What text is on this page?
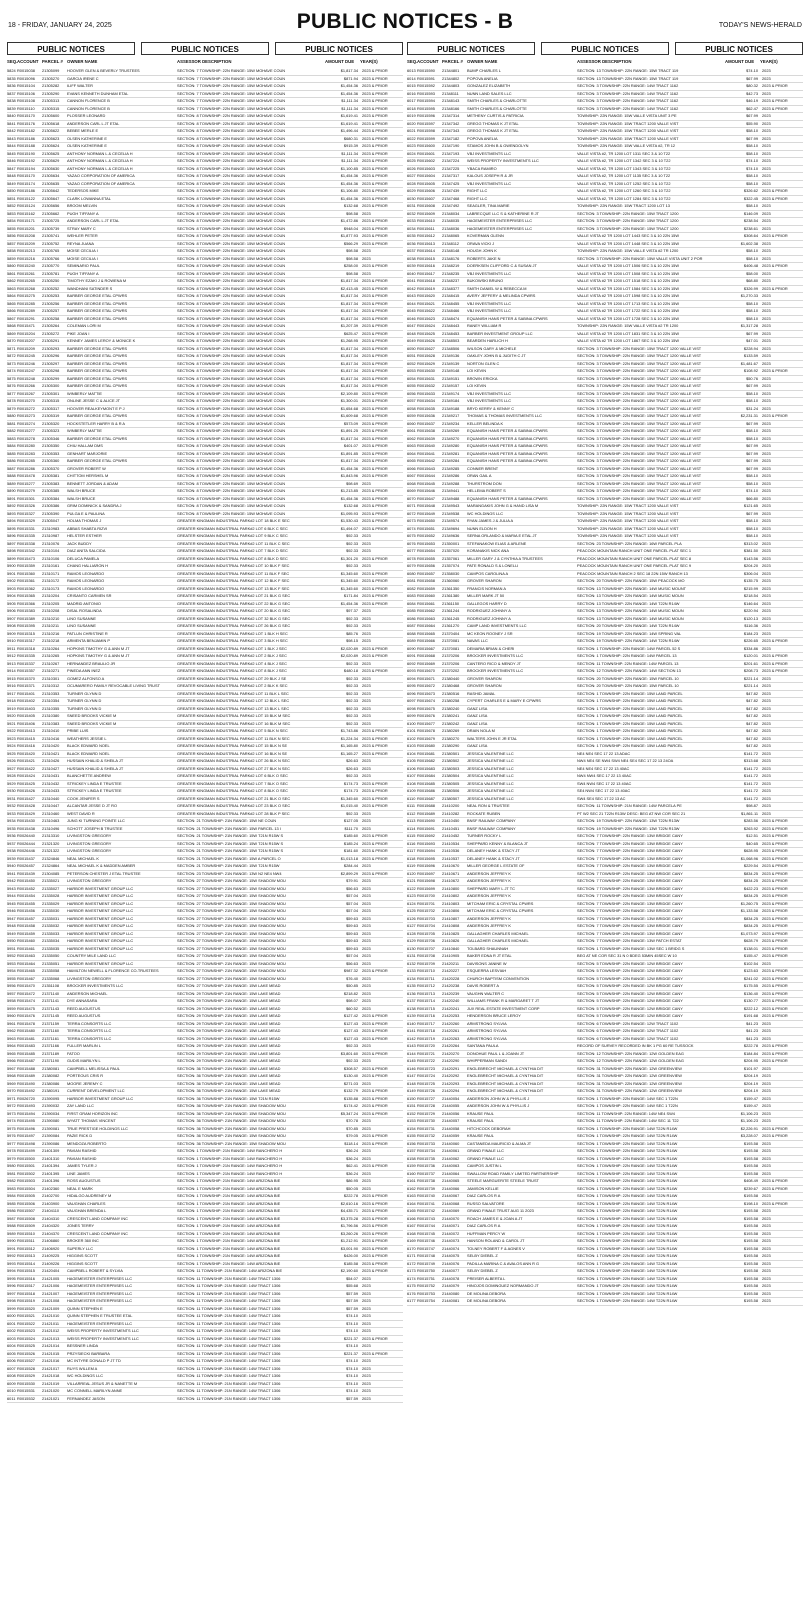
18 - FRIDAY, JANUARY 24, 2025	PUBLIC NOTICES - B	TODAY'S NEWS-HERALD
PUBLIC NOTICES	PUBLIC NOTICES	PUBLIC NOTICES
SEQ. ACCOUNT PARCEL # OWNER NAME	ASSESSOR DESCRIPTION	AMOUNT DUE YEAR(S)
5824 R0015038	21305099	HOOVER GLEN & BEVERLY TRUSTEES	SECTION: 7 TOWNSHIP: 22N RANGE: 15W MOHAVE COUN	$1,817.34 2023 & PRIOR
5835 R0015096	21305270	GARCIA IRENE C	SECTION: 7 TOWNSHIP: 22N RANGE: 15W MOHAVE COUN	$871.94 2023 & PRIOR
5836 R0015104	21305282	ILIFF WALTER	SECTION: 7 TOWNSHIP: 22N RANGE: 15W MOHAVE COUN	$1,454.36 2023 & PRIOR
5837 R0015106	21305290	EVANS KENNETH DUNHAM ETAL	SECTION: 7 TOWNSHIP: 22N RANGE: 15W MOHAVE COUN	$1,454.36 2023 & PRIOR
5838 R0015108	21305313	CANNON FLORENCE B	SECTION: 7 TOWNSHIP: 22N RANGE: 15W MOHAVE COUN	$1,111.34 2023 & PRIOR
5839 R0015110	21305315	CANNON FLORENCE B	SECTION: 7 TOWNSHIP: 22N RANGE: 15W MOHAVE COUN	$1,111.34 2023 & PRIOR
5840 R0015170	21305600	PLOSSER LEONARD	SECTION: 8 TOWNSHIP: 22N RANGE: 15W MOHAVE COUN	$1,619.41 2023 & PRIOR
5841 R0015176	21305618	ANDERSON CARL L JT ETAL	SECTION: 8 TOWNSHIP: 22N RANGE: 15W MOHAVE COUN	$1,619.41 2023 & PRIOR
5842 R0015182	21305622	BEBEE MERLE E	SECTION: 8 TOWNSHIP: 22N RANGE: 15W MOHAVE COUN	$1,496.44 2023 & PRIOR
5843 R0015186	21305623	OLSEN KATHERINE E	SECTION: 8 TOWNSHIP: 22N RANGE: 15W MOHAVE COUN	$680.31 2023 & PRIOR
5844 R0015188	21305624	OLSEN KATHERINE E	SECTION: 8 TOWNSHIP: 22N RANGE: 15W MOHAVE COUN	$915.39 2023 & PRIOR
5845 R0015190	21305625	ANTHONY NORMAN L & CECELIA H	SECTION: 8 TOWNSHIP: 22N RANGE: 15W MOHAVE COUN	$1,111.34 2023 & PRIOR
5846 R0015192	21305629	ANTHONY NORMAN L & CECELIA H	SECTION: 8 TOWNSHIP: 22N RANGE: 15W MOHAVE COUN	$1,111.34 2023 & PRIOR
5847 R0015194	21305630	ANTHONY NORMAN L & CECELIA H	SECTION: 8 TOWNSHIP: 22N RANGE: 15W MOHAVE COUN	$1,100.85 2023 & PRIOR
5848 R0015170	21305634	YAZAO CORPORATION OF AMERICA	SECTION: 8 TOWNSHIP: 22N RANGE: 15W MOHAVE COUN	$1,454.36 2023 & PRIOR
5849 R0015174	21305635	YAZAO CORPORATION OF AMERICA	SECTION: 8 TOWNSHIP: 22N RANGE: 15W MOHAVE COUN	$1,454.36 2023 & PRIOR
5850 R0015186	21305642	TEDERSOS MIKE	SECTION: 8 TOWNSHIP: 22N RANGE: 15W MOHAVE COUN	$1,106.80 2023 & PRIOR
5851 R0015122	21305647	CLARK LOWANNA ETAL	SECTION: 8 TOWNSHIP: 22N RANGE: 15W MOHAVE COUN	$1,454.36 2023 & PRIOR
5852 R0015124	21305656	BROOM MELVIN	SECTION: 8 TOWNSHIP: 22N RANGE: 15W MOHAVE COUN	$132.68 2023 & PRIOR
5853 R0015162	21305662	PUGH TIFFANY A	SECTION: 8 TOWNSHIP: 22N RANGE: 15W MOHAVE COUN	$98.58 2023
5854 R0015171	21305725	ANDERSON CARL L JT ETAL	SECTION: 8 TOWNSHIP: 22N RANGE: 15W MOHAVE COUN	$1,472.86 2023 & PRIOR
5855 R0015201	21305739	STRAY MARY C	SECTION: 8 TOWNSHIP: 22N RANGE: 15W MOHAVE COUN	$948.04 2023 & PRIOR
5856 R0015208	21305741	WEHLER PETER	SECTION: 8 TOWNSHIP: 22N RANGE: 15W MOHAVE COUN	$1,877.93 2023 & PRIOR
5857 R0015209	21305752	REYNA JUANA	SECTION: 8 TOWNSHIP: 22N RANGE: 15W MOHAVE COUN	$566.29 2023 & PRIOR
5858 R0015213	21305765	MOISE CECILIA I	SECTION: 8 TOWNSHIP: 22N RANGE: 15W MOHAVE COUN	$98.58 2023
5859 R0015216	21305766	MOISE CECILIA I	SECTION: 8 TOWNSHIP: 22N RANGE: 15W MOHAVE COUN	$98.58 2023
5860 R0015240	21305770	SEMINARIO PAUL	SECTION: 8 TOWNSHIP: 22N RANGE: 15W MOHAVE COUN	$258.00 2023 & PRIOR
5861 R0015261	21305781	PUGH TIFFANY A	SECTION: 8 TOWNSHIP: 22N RANGE: 15W MOHAVE COUN	$98.58 2023
5862 R0015265	21305250	TIMOTHY EZAKI J & ROWENA M	SECTION: 8 TOWNSHIP: 22N RANGE: 15W MOHAVE COUN	$1,817.34 2023 & PRIOR
5863 R0015268	21305252	WANDHANI SATINDER S	SECTION: 8 TOWNSHIP: 22N RANGE: 15W MOHAVE COUN	$2,413.45 2023 & PRIOR
5864 R0015275	21305253	BARBER GEORGE ETAL CPWRS	SECTION: 8 TOWNSHIP: 22N RANGE: 15W MOHAVE COUN	$1,817.34 2023 & PRIOR
5865 R0015285	21305256	BARBER GEORGE ETAL CPWRS	SECTION: 8 TOWNSHIP: 22N RANGE: 15W MOHAVE COUN	$1,817.34 2023 & PRIOR
5866 R0015289	21305257	BARBER GEORGE ETAL CPWRS	SECTION: 8 TOWNSHIP: 22N RANGE: 15W MOHAVE COUN	$1,817.34 2023 & PRIOR
5867 R0015291	21305258	BARBER GEORGE ETAL CPWRS	SECTION: 8 TOWNSHIP: 22N RANGE: 15W MOHAVE COUN	$1,817.34 2023 & PRIOR
5868 R0015471	21305264	COLEMAN LORI M	SECTION: 8 TOWNSHIP: 22N RANGE: 15W MOHAVE COUN	$1,207.39 2023 & PRIOR
5869 R0015204	21305272	PIKE JOAN I	SECTION: 8 TOWNSHIP: 22N RANGE: 15W MOHAVE COUN	$625.47 2023 & PRIOR
5870 R0015207	21305291	KENNEY JAMES LEROY & MONICE K	SECTION: 8 TOWNSHIP: 22N RANGE: 15W MOHAVE COUN	$1,268.95 2023 & PRIOR
5871 R0015209	21305293	BARBER GEORGE ETAL CPWRS	SECTION: 8 TOWNSHIP: 22N RANGE: 15W MOHAVE COUN	$1,817.34 2023 & PRIOR
5872 R0015245	21305296	BARBER GEORGE ETAL CPWRS	SECTION: 8 TOWNSHIP: 22N RANGE: 15W MOHAVE COUN	$1,817.34 2023 & PRIOR
5873 R0015246	21305297	BARBER GEORGE ETAL CPWRS	SECTION: 8 TOWNSHIP: 22N RANGE: 15W MOHAVE COUN	$1,817.34 2023 & PRIOR
5874 R0015247	21305298	BARBER GEORGE ETAL CPWRS	SECTION: 8 TOWNSHIP: 22N RANGE: 15W MOHAVE COUN	$1,817.34 2023 & PRIOR
5875 R0015248	21305299	BARBER GEORGE ETAL CPWRS	SECTION: 8 TOWNSHIP: 22N RANGE: 15W MOHAVE COUN	$1,817.34 2023 & PRIOR
5876 R0015266	21305300	BARBER GEORGE ETAL CPWRS	SECTION: 8 TOWNSHIP: 22N RANGE: 15W MOHAVE COUN	$1,817.34 2023 & PRIOR
5877 R0015267	21305301	WINBERLY MATTIE	SECTION: 8 TOWNSHIP: 22N RANGE: 15W MOHAVE COUN	$2,109.80 2023 & PRIOR
5878 R0015270	21305315	ONLINE JESSE C & ALICE JT	SECTION: 8 TOWNSHIP: 22N RANGE: 15W MOHAVE COUN	$1,300.01 2023 & PRIOR
5879 R0015272	21305317	HOOVER REALKEYMONT E P J	SECTION: 8 TOWNSHIP: 22N RANGE: 15W MOHAVE COUN	$1,654.68 2023 & PRIOR
5880 R0015273	21305319	BARBER GEORGE ETAL CPWRS	SECTION: 8 TOWNSHIP: 22N RANGE: 15W MOHAVE COUN	$1,609.68 2023 & PRIOR
5881 R0015274	21305320	HOCKSTETLER HARRY B & R A	SECTION: 8 TOWNSHIP: 22N RANGE: 15W MOHAVE COUN	$573.09 2023 & PRIOR
5882 R0015277	21305323	WINBERLY MATTIE	SECTION: 8 TOWNSHIP: 22N RANGE: 15W MOHAVE COUN	$1,891.25 2023 & PRIOR
5883 R0015278	21305346	BARBER GEORGE ETAL CPWRS	SECTION: 8 TOWNSHIP: 22N RANGE: 15W MOHAVE COUN	$1,817.34 2023 & PRIOR
5884 R0015280	21305350	CHIU HALLAM DMS	SECTION: 8 TOWNSHIP: 22N RANGE: 15W MOHAVE COUN	$401.07 2023 & PRIOR
5885 R0015283	21305353	GENHART MARJORIE	SECTION: 8 TOWNSHIP: 22N RANGE: 15W MOHAVE COUN	$1,891.85 2023 & PRIOR
5886 R0015285	21305360	BARBER GEORGE ETAL CPWRS	SECTION: 8 TOWNSHIP: 22N RANGE: 15W MOHAVE COUN	$1,817.34 2023 & PRIOR
5887 R0015286	21305370	GROVER ROBERT W	SECTION: 8 TOWNSHIP: 22N RANGE: 15W MOHAVE COUN	$1,454.36 2023 & PRIOR
5888 R0015478	21305381	CHITTOM HERSHEL M	SECTION: 8 TOWNSHIP: 22N RANGE: 15W MOHAVE COUN	$1,843.96 2023 & PRIOR
5889 R0015277	21305383	BENNETT JORDAN & ADAM	SECTION: 8 TOWNSHIP: 22N RANGE: 15W MOHAVE COUN	$98.69 2023
5890 R0015279	21305385	WALSH BRUCE	SECTION: 8 TOWNSHIP: 22N RANGE: 15W MOHAVE COUN	$1,213.85 2023 & PRIOR
5891 R0015301	21305384	WALSH BRUCE	SECTION: 8 TOWNSHIP: 22N RANGE: 15W MOHAVE COUN	$1,454.36 2023 & PRIOR
5892 R0015326	21305386	GRIM DOMINICK & SANDRA J	SECTION: 8 TOWNSHIP: 22N RANGE: 15W MOHAVE COUN	$132.68 2023 & PRIOR
5893 R0015327	21305390	PULGA E & PAULINA	SECTION: 8 TOWNSHIP: 22N RANGE: 15W MOHAVE COUN	$1,095.93 2023 & PRIOR
5894 R0015329	21305047	HOLMA THOMAS J	GREATER KINGMAN INDUSTRIAL PARK#2 LOT 18 BLK E SEC	$1,530.43 2023 & PRIOR
5895 R0015331	21310983	ABBAS SHABTA RIZVI	GREATER KINGMAN INDUSTRIAL PARK#2 LOT 6 BLK C SEC	$1,494.07 2023 & PRIOR
5896 R0015335	21310987	HELSTER ESTHER	GREATER KINGMAN INDUSTRIAL PARK#2 LOT 9 BLK C SEC	$92.33 2023
5897 R0015338	21310076	JACK BUDDY	GREATER KINGMAN INDUSTRIAL PARK#2 LOT 11 BLK C SEC	$92.33 2023
5898 R0015342	21310104	DIAZ ANITA SALCIDA	GREATER KINGMAN INDUSTRIAL PARK#2 LOT 7 BLK D SEC	$92.33 2023
5899 R0015473	21310106	DELUCA PAMELA	GREATER KINGMAN INDUSTRIAL PARK#2 LOT 8 BLK D SEC	$1,301.20 2023 & PRIOR
5900 R0015359	21310161	CHANG HALLIARON H	GREATER KINGMAN INDUSTRIAL PARK#2 LOT 10 BLK F SEC	$92.33 2023
5901 R0015360	21310171	RAMOS LEONARDO	GREATER KINGMAN INDUSTRIAL PARK#2 LOT 11 BLK F SEC	$1,345.60 2023 & PRIOR
5902 R0015361	21310172	RAMOS LEONARDO	GREATER KINGMAN INDUSTRIAL PARK#2 LOT 12 BLK F SEC	$1,345.60 2023 & PRIOR
5903 R0015362	21310173	RAMOS LEONARDO	GREATER KINGMAN INDUSTRIAL PARK#2 LOT 13 BLK F SEC	$1,345.60 2023 & PRIOR
5904 R0015365	21310204	CRISANTO CARMEN SR	GREATER KINGMAN INDUSTRIAL PARK#2 LOT 21 BLK G SEC	$171.84 2023 & PRIOR
5905 R0015366	21310205	MADRID ANTONIO	GREATER KINGMAN INDUSTRIAL PARK#2 LOT 22 BLK G SEC	$1,454.36 2023 & PRIOR
5906 R0015383	21310208	DISAL ROSALINDA	GREATER KINGMAN INDUSTRIAL PARK#2 LOT 20 BLK G SEC	$97.37 2023
5907 R0015389	21310210	LINO SUSANNE	GREATER KINGMAN INDUSTRIAL PARK#2 LOT 32 BLK G SEC	$92.33 2023
5908 R0015395	21310211	LINO SUSANNE	GREATER KINGMAN INDUSTRIAL PARK#2 LOT 26 BLK G SEC	$92.33 2023
5909 R0015315	21310216	PATLUN CHRISTINE R	GREATER KINGMAN INDUSTRIAL PARK#2 LOT 1 BLK H SEC	$85.76 2023
5910 R0015317	21310218	ARMENTA BENJAMIN P	GREATER KINGMAN INDUSTRIAL PARK#2 LOT 3 BLK H SEC	$98.15 2023
5911 R0015318	21310264	HOPKINS TIMOTHY G & ANN M JT	GREATER KINGMAN INDUSTRIAL PARK#2 LOT 1 BLK J SEC	$2,020.89 2023 & PRIOR
5912 R0015335	21310265	HOPKINS TIMOTHY G & ANN M JT	GREATER KINGMAN INDUSTRIAL PARK#2 LOT 2 BLK J SEC	$2,020.89 2023 & PRIOR
5913 R0015337	21310267	HERNANDEZ BRAULIO JR	GREATER KINGMAN INDUSTRIAL PARK#2 LOT 4 BLK J SEC	$92.33 2023
5914 R0015357	21310271	PINEDA ANN INEZ	GREATER KINGMAN INDUSTRIAL PARK#2 LOT 8 BLK J SEC	$480.18 2023 & PRIOR
5915 R0015370	21310301	GOMEZ ALFONSO A	GREATER KINGMAN INDUSTRIAL PARK#2 LOT 29 BLK J SE	$92.33 2023
5916 R0015371	21310312	OCUMARERO FAMILY REVOCABLE LIVING TRUST	GREATER KINGMAN INDUSTRIAL PARK#2 LOT 2 BLK K SEC	$92.33 2023
5917 R0015401	21310353	TURNER GLYNN D	GREATER KINGMAN INDUSTRIAL PARK#2 LOT 11 BLK L SEC	$92.33 2023
5918 R0015402	21310354	TURNER GLYNN D	GREATER KINGMAN INDUSTRIAL PARK#2 LOT 12 BLK L SEC	$92.33 2023
5919 R0015403	21310355	TURNER GLYNN D	GREATER KINGMAN INDUSTRIAL PARK#2 LOT 13 BLK L SEC	$92.33 2023
5920 R0015405	21310380	SNEED BROOKS VICKIE M	GREATER KINGMAN INDUSTRIAL PARK#2 LOT 15 BLK M SEC	$92.33 2023
5921 R0015406	21310383	SNEED BROOKS VICKIE M	GREATER KINGMAN INDUSTRIAL PARK#2 LOT 16 BLK M SEC	$92.33 2023
5922 R0015413	21310410	PRIBE LUIS	GREATER KINGMAN INDUSTRIAL PARK#2 LOT 5 BLK N SEC	$1,743.86 2023 & PRIOR
5923 R0015415	21310416	WEATHERS JESSIE L	GREATER KINGMAN INDUSTRIAL PARK#2 LOT 11 BLK N SEC	$1,224.34 2023 & PRIOR
5924 R0015416	21310420	BLACK EDWARD NOEL	GREATER KINGMAN INDUSTRIAL PARK#2 LOT 15 BLK N SE	$1,165.80 2023 & PRIOR
5925 R0015420	21310421	BLACK EDWARD NOEL	GREATER KINGMAN INDUSTRIAL PARK#2 LOT 16 BLK N SE	$1,165.27 2023 & PRIOR
5926 R0015421	21310426	HUSSAIN KHALID & SHEILA JT	GREATER KINGMAN INDUSTRIAL PARK#2 LOT 26 BLK N SEC	$26.63 2023
5927 R0015422	21310427	HUSSAIN KHALID & SHEILA JT	GREATER KINGMAN INDUSTRIAL PARK#2 LOT 27 BLK N SEC	$26.63 2023
5928 R0015424	21310431	BLANCHETTE ANDREW	GREATER KINGMAN INDUSTRIAL PARK#2 LOT 6 BLK O SEC	$92.33 2023
5929 R0015425	21310432	STRICKEY LINDA E TRUSTEE	GREATER KINGMAN INDUSTRIAL PARK#2 LOT 7 BLK O SEC	$174.73 2023 & PRIOR
5930 R0015426	21310433	STRICKEY LINDA E TRUSTEE	GREATER KINGMAN INDUSTRIAL PARK#2 LOT 8 BLK O SEC	$174.73 2023 & PRIOR
5931 R0015427	21310440	COOK JENIFER S	GREATER KINGMAN INDUSTRIAL PARK#2 LOT 21 BLK O SEC	$1,345.60 2023 & PRIOR
5932 R0015428	21310447	ALCANTAR JESSE D JT RO	GREATER KINGMAN INDUSTRIAL PARK#2 LOT 23 BLK O SEC	$1,015.40 2023 & PRIOR
5933 R0015429	21310460	WEST DAVID R	GREATER KINGMAN INDUSTRIAL PARK#2 LOT 28 BLK P SEC	$92.33 2023
5934 R0015430	21310463	JUNG KI TURNING POINTE LLC	SECTION: 21 TOWNSHIP: 21N RANGE: 15W NE COUN	$127.05 2023
5935 R0015438	21310496	SCHOTT JOSEPH B TRUSTEE	SECTION: 21 TOWNSHIP: 21N RANGE: 15W PARCEL 13 I	$111.70 2023
5936 R0026440	21313310	LIVINGSTON GREGORY	SECTION: 21 TOWNSHIP: 21N RANGE: 15W T21N R15W S	$185.60 2023 & PRIOR
5937 R0026444	21321320	LIVINGSTON GREGORY	SECTION: 21 TOWNSHIP: 21N RANGE: 15W T21N R15W S	$185.24 2023 & PRIOR
5938 R0026446	21321322	LIVINGSTON GREGORY	SECTION: 21 TOWNSHIP: 21N RANGE: 15W T21N R15W S	$181.60 2023 & PRIOR
5939 R0015437	21324846	NEAL MICHAEL K	SECTION: 21 TOWNSHIP: 21N RANGE: 15W A PARCEL O	$1,013.18 2023 & PRIOR
5940 R0026457	21324864	NEAL MICHAEL K & MADDEN AMBER	SECTION: 21 TOWNSHIP: 21N RANGE: 15W T21N R15W	$284.44 2023
5941 R0015439	21304085	PETERSON CHESTER J ETAL TRUSTEE	SECTION: 23 TOWNSHIP: 21N RANGE: 13W N2 NE4 NW4	$2,899.29 2023 & PRIOR
5942 R0015450	21335021	LIVINGSTON GREGORY	SECTION: 27 TOWNSHIP: 21N RANGE: 15W SHADOW MOU	$79.91 2023
5943 R0015452	21335027	HARBOR INVESTMENT GROUP LLC	SECTION: 27 TOWNSHIP: 21N RANGE: 15W SHADOW MOU	$56.63 2023
5944 R0015454	21335028	HARBOR INVESTMENT GROUP LLC	SECTION: 27 TOWNSHIP: 21N RANGE: 15W SHADOW MOU	$57.04 2023
5945 R0015455	21335029	HARBOR INVESTMENT GROUP LLC	SECTION: 27 TOWNSHIP: 21N RANGE: 15W SHADOW MOU	$57.04 2023
5946 R0015456	21335030	HARBOR INVESTMENT GROUP LLC	SECTION: 27 TOWNSHIP: 21N RANGE: 15W SHADOW MOU	$57.04 2023
5947 R0015457	21335031	HARBOR INVESTMENT GROUP LLC	SECTION: 27 TOWNSHIP: 21N RANGE: 15W SHADOW MOU	$59.63 2023
5948 R0015458	21335032	HARBOR INVESTMENT GROUP LLC	SECTION: 27 TOWNSHIP: 21N RANGE: 15W SHADOW MOU	$59.63 2023
5949 R0015459	21335033	HARBOR INVESTMENT GROUP LLC	SECTION: 27 TOWNSHIP: 21N RANGE: 15W SHADOW MOU	$59.63 2023
5950 R0015460	21335034	HARBOR INVESTMENT GROUP LLC	SECTION: 27 TOWNSHIP: 21N RANGE: 15W SHADOW MOU	$59.63 2023
5951 R0015461	21335035	HARBOR INVESTMENT GROUP LLC	SECTION: 27 TOWNSHIP: 21N RANGE: 15W SHADOW MOU	$59.63 2023
5952 R0015463	21335050	COUNTRY MILE LAND LLC	SECTION: 27 TOWNSHIP: 21N RANGE: 15W SHADOW MOU	$57.04 2023
5953 R0015464	21335051	HARBOR INVESTMENT GROUP LLC	SECTION: 27 TOWNSHIP: 21N RANGE: 15W SHADOW MOU	$56.63 2023
5954 R0015465	21335058	HAMILTON NEWELL & FLORENCE CO-TRUSTEES	SECTION: 27 TOWNSHIP: 21N RANGE: 15W SHADOW MOU	$987.32 2023 & PRIOR
5955 R0015467	21335068	LIVINGSTON GREGORY	SECTION: 27 TOWNSHIP: 21N RANGE: 15W SHADOW MOU	$76.40 2023
5956 R0015470	21351108	BROCKER INVESTMENTS LLC	SECTION: 27 TOWNSHIP: 21N RANGE: 15W LAKE MEAD	$50.85 2023
5957 R0015472	21371140	ANDERSON MICHAEL	SECTION: 29 TOWNSHIP: 21N RANGE: 15W LAKE MEAD	$218.82 2023
5958 R0015474	21371141	DYE ANNASARA	SECTION: 29 TOWNSHIP: 21N RANGE: 15W LAKE MEAD	$98.07 2023
5959 R0015475	21371143	REED AUGUSTUS	SECTION: 29 TOWNSHIP: 21N RANGE: 15W LAKE MEAD	$60.52 2023
5960 R0015476	21371145	REED AUGUSTUS	SECTION: 29 TOWNSHIP: 21N RANGE: 15W LAKE MEAD	$127.42 2023 & PRIOR
5961 R0015478	21371159	TERRA CONSORTS LLC	SECTION: 29 TOWNSHIP: 21N RANGE: 15W LAKE MEAD	$127.43 2023 & PRIOR
5962 R0015480	21371160	TERRA CONSORTS LLC	SECTION: 29 TOWNSHIP: 21N RANGE: 15W LAKE MEAD	$127.43 2023 & PRIOR
5963 R0015481	21371161	TERRA CONSORTS LLC	SECTION: 29 TOWNSHIP: 21N RANGE: 15W LAKE MEAD	$127.43 2023 & PRIOR
5964 R0015483	21371166	FULLER MARLIN L	SECTION: 29 TOWNSHIP: 21N RANGE: 15W LAKE MEAD	$92.33 2023
5965 R0015485	21371189	FATOO	SECTION: 29 TOWNSHIP: 21N RANGE: 15W LAKE MEAD	$3,801.60 2023 & PRIOR
5966 R0015487	21371190	GUDIS MARILYN L	SECTION: 29 TOWNSHIP: 21N RANGE: 15W LAKE MEAD	$92.33 2023
5967 R0015488	21380081	CAMPBELL MELISSA & PAUL	SECTION: 36 TOWNSHIP: 21N RANGE: 15W LAKE MEAD	$308.57 2023 & PRIOR
5968 R0015489	21380082	PORTEOUS CRIS R	SECTION: 36 TOWNSHIP: 21N RANGE: 15W LAKE MEAD	$130.40 2023 & PRIOR
5969 R0015490	21380086	MOORE JEREMY C	SECTION: 36 TOWNSHIP: 21N RANGE: 15W LAKE MEAD	$271.03 2023
5970 R0015492	21380191	CURRENT DEVELOPMENT LLC	SECTION: 36 TOWNSHIP: 21N RANGE: 15W LAKE MEAD	$132.79 2023 & PRIOR
5971 R0026720	21390095	HARBOR INVESTMENT GROUP LLC	SECTION: 36 TOWNSHIP: 21N RANGE: 15W T21N R15W	$135.88 2023 & PRIOR
5972 R0015493	21390032	ZAY LAND LLC	SECTION: 36 TOWNSHIP: 21N RANGE: 15W SHADOW MOU	$174.42 2023 & PRIOR
5973 R0015494	21390034	FIRST GRAM HORIZON INC	SECTION: 36 TOWNSHIP: 21N RANGE: 15W SHADOW MOU	$5,347.24 2023 & PRIOR
5974 R0015495	21390080	WYATT THOMAS VINCENT	SECTION: 36 TOWNSHIP: 21N RANGE: 15W SHADOW MOU	$70.78 2023
5975 R0015496	21390081	TRUE PRESTIGE HOLDINGS LLC	SECTION: 36 TOWNSHIP: 21N RANGE: 15W SHADOW MOU	$70.85 2023
5976 R0015497	21390084	PAZIE RICK D	SECTION: 36 TOWNSHIP: 21N RANGE: 15W SHADOW MOU	$79.05 2023 & PRIOR
5977 R0015498	21390086	MENDOZA ROBERTO	SECTION: 36 TOWNSHIP: 21N RANGE: 15W SHADOW MOU	$118.14 2023 & PRIOR
5978 R0015499	21401309	PAVIAN RASHID	SECTION: 1 TOWNSHIP: 21N RANGE: 14W RANCHERO H	$36.24 2023
5979 R0015500	21401310	PAVIAN RASHID	SECTION: 1 TOWNSHIP: 21N RANGE: 14W RANCHERO H	$36.24 2023
5980 R0015501	21401394	JAMES TYLER J	SECTION: 1 TOWNSHIP: 21N RANGE: 14W RANCHERO H	$62.41 2023 & PRIOR
5981 R0015502	21401395	LINE JAMES	SECTION: 1 TOWNSHIP: 21N RANGE: 14W RANCHERO H	$36.24 2023
5982 R0015503	21401396	ROSS AUGUSTUS	SECTION: 1 TOWNSHIP: 21N RANGE: 14W ARIZONA BIE	$86.95 2023
5983 R0015504	21402360	NEAL E MARK	SECTION: 1 TOWNSHIP: 21N RANGE: 14W ARIZONA BIE	$50.05 2023
5984 R0015505	21402700	HIDALGO AUDRENEY M	SECTION: 1 TOWNSHIP: 21N RANGE: 14W ARIZONA BIE	$222.78 2023 & PRIOR
5985 R0015506	21403900	VAUGHAN CHARLES	SECTION: 1 TOWNSHIP: 21N RANGE: 14W ARIZONA BIE	$2,610.16 2023 & PRIOR
5986 R0015507	21404110	VAUGHAN BRENDA L	SECTION: 1 TOWNSHIP: 21N RANGE: 14W ARIZONA BIE	$4,435.71 2023 & PRIOR
5987 R0015508	21404310	CRESCENT LAND COMPANY INC	SECTION: 1 TOWNSHIP: 21N RANGE: 14W ARIZONA BIE	$3,375.28 2023 & PRIOR
5988 R0015509	21404320	JONES TERRY	SECTION: 1 TOWNSHIP: 21N RANGE: 14W ARIZONA BIE	$1,796.56 2023 & PRIOR
5989 R0015510	21404370	CRESCENT LAND COMPANY INC	SECTION: 1 TOWNSHIP: 21N RANGE: 14W ARIZONA BIE	$3,260.26 2023 & PRIOR
5990 R0015511	21406860	BROKER 360 INC	SECTION: 1 TOWNSHIP: 21N RANGE: 14W ARIZONA BIE	$1,212.91 2023 & PRIOR
5991 R0015512	21406920	SUPERLY LLC	SECTION: 1 TOWNSHIP: 21N RANGE: 14W ARIZONA BIE	$3,001.90 2023 & PRIOR
5992 R0015513	21409225	HIGGINS SCOTT	SECTION: 1 TOWNSHIP: 21N RANGE: 14W ARIZONA BIE	$426.00 2023 & PRIOR
5993 R0015514	21409226	HIGGINS SCOTT	SECTION: 1 TOWNSHIP: 21N RANGE: 14W ARIZONA BIE	$185.58 2023 & PRIOR
5994 R0015515	21420404	CAMPBELL ROBERT & SYLVIA	SECTION: 11 TOWNSHIP: 21N RANGE: 14W ARIZONA BIE	$2,190.60 2023 & PRIOR
5995 R0015516	21421005	HAGEMEISTER ENTERPRISES LLC	SECTION: 11 TOWNSHIP: 21N RANGE: 14W TRACT 1306	$54.07 2023
5996 R0015517	21421006	HAGEMEISTER ENTERPRISES LLC	SECTION: 11 TOWNSHIP: 21N RANGE: 14W TRACT 1306	$55.68 2023
5997 R0015518	21421007	HAGEMEISTER ENTERPRISES LLC	SECTION: 11 TOWNSHIP: 21N RANGE: 14W TRACT 1306	$57.59 2023
5998 R0015519	21421008	HAGEMEISTER ENTERPRISES LLC	SECTION: 11 TOWNSHIP: 21N RANGE: 14W TRACT 1306	$57.59 2023
5999 R0015520	21421009	QUINN STEPHEN E	SECTION: 11 TOWNSHIP: 21N RANGE: 14W TRACT 1306	$57.59 2023
6000 R0015521	21421010	QUINN STEPHEN E TRUSTEE ETAL	SECTION: 11 TOWNSHIP: 21N RANGE: 14W TRACT 1306	$74.10 2023
6001 R0015522	21421011	HAGEMEISTER ENTERPRISES LLC	SECTION: 11 TOWNSHIP: 21N RANGE: 14W TRACT 1306	$74.10 2023
6002 R0015523	21421012	WEISS PROPERTY INVESTMENTS LLC	SECTION: 11 TOWNSHIP: 21N RANGE: 14W TRACT 1306	$74.10 2023
6003 R0015524	21421013	WEISS PROPERTY INVESTMENTS LLC	SECTION: 11 TOWNSHIP: 21N RANGE: 14W TRACT 1306	$221.37 2023 & PRIOR
6004 R0015525	21421014	BESSNER LINDA	SECTION: 11 TOWNSHIP: 21N RANGE: 14W TRACT 1306	$74.10 2023
6005 R0015526	21421015	PRZYSIECKI BARBARA	SECTION: 11 TOWNSHIP: 21N RANGE: 14W TRACT 1306	$221.37 2023 & PRIOR
6006 R0015527	21421016	MC INTYRE DONALD P JT TD	SECTION: 11 TOWNSHIP: 21N RANGE: 14W TRACT 1306	$74.10 2023
6007 R0015528	21421017	RUYS WILLEM A	SECTION: 11 TOWNSHIP: 21N RANGE: 14W TRACT 1306	$74.10 2023
6008 R0015529	21421018	WC HOLDINGS LLC	SECTION: 11 TOWNSHIP: 21N RANGE: 14W TRACT 1306	$74.10 2023
6009 R0015530	21421019	VILLARREAL JESUS JR & NANETTE M	SECTION: 11 TOWNSHIP: 21N RANGE: 14W TRACT 1306	$74.10 2023
6010 R0015531	21421020	MC CONNELL MARILYN ANNE	SECTION: 11 TOWNSHIP: 21N RANGE: 14W TRACT 1306	$74.10 2023
6011 R0015532	21421021	FERNANDEZ JASON	SECTION: 11 TOWNSHIP: 21N RANGE: 14W TRACT 1306	$57.59 2023
PUBLIC NOTICES	PUBLIC NOTICES	PUBLIC NOTICES
SEQ. ACCOUNT PARCEL # OWNER NAME	ASSESSOR DESCRIPTION	AMOUNT DUE YEAR(S)
6013 R0015590	21344801	BUMP CHARLES L	SECTION: 13 TOWNSHIP: 22N RANGE: 15W TRACT 119	$74.10 2023
6014 R0015591	21344802	POPOVA ANELIA	SECTION: 13 TOWNSHIP: 22N RANGE: 15W TRACT 119	$67.99 2023
6015 R0015592	21344803	GONZALEZ ELIZABETH	SECTION: 3 TOWNSHIP: 22N RANGE: 14W TRACT 1162	$80.32 2023 & PRIOR
6016 R0015593	21348111	NUNN LAND SALES LLC	SECTION: 3 TOWNSHIP: 22N RANGE: 14W TRACT 1162	$42.73 2023
6017 R0015594	21348143	SMITH CHARLES & CHARLOTTE	SECTION: 3 TOWNSHIP: 22N RANGE: 14W TRACT 1162	$46.19 2023 & PRIOR
6018 R0015595	21348166	SMITH CHARLES & CHARLOTTE	SECTION: 3 TOWNSHIP: 22N RANGE: 14W TRACT 1162	$62.47 2023 & PRIOR
6019 R0015596	21347314	METHENY CURTIS & PATRICIA	TOWNSHIP: 22N RANGE: 15W VALLE VISTA UNIT 3 PE	$67.99 2023
6020 R0015597	21347342	GREGG THOMAS K JT ETAL	TOWNSHIP: 22N RANGE: 15W TRACT 1200 VALLE VIST	$55.90 2023
6021 R0015598	21347343	GREGG THOMAS K JT ETAL	TOWNSHIP: 22N RANGE: 15W TRACT 1200 VALLE VIST	$58.10 2023
6022 R0015599	21347182	POPOVA ANELIA	TOWNSHIP: 22N RANGE: 15W TRACT 1200 VALLE VIST	$67.99 2023
6023 R0015600	21347190	STAMOS JOHN B & GWENDOLYN	TOWNSHIP: 22N RANGE: 15W VALLE VISTA #2, TR 12	$58.10 2023
6024 R0015601	21347193	VBJ INVESTMENTS LLC	VALLE VISTA #2, TR 1200 LOT 1311 SEC 3 & 10 T22	$58.10 2023
6025 R0015602	21347224	WEISS PROPERTY INVESTMENTS LLC	VALLE VISTA #2, TR 1200 LOT 1342 SEC 3 & 10 T22	$74.10 2023
6026 R0015603	21347225	YBACA RAMIRO	VALLE VISTA #2, TR 1200 LOT 1343 SEC 3 & 10 T22	$74.10 2023
6027 R0015604	21347317	KALOUS JOSEPH R & JR	VALLE VISTA #2, TR 1200 LOT 1135 SEC 3 & 10 T22	$58.10 2023
6028 R0015605	21347425	VBJ INVESTMENTS LLC	VALLE VISTA #2, TR 1200 LOT 1252 SEC 3 & 10 T22	$58.10 2023
6029 R0015606	21347439	RIGHT LLC	VALLE VISTA #2, TR 1200 LOT 1260 SEC 3 & 10 T22	$326.62 2023 & PRIOR
6030 R0015607	21347468	RIGHT LLC	VALLE VISTA #2, TR 1200 LOT 1284 SEC 3 & 10 T22	$322.45 2023 & PRIOR
6031 R0015608	21347492	SEAGLER, TINA MARIE	TOWNSHIP: 22N RANGE: 15W TRACT 1200 LOT 13	$58.10 2023
6032 R0015609	21348034	LABRECQUE LLC S & KATHERINE R JT	SECTION: 3 TOWNSHIP: 22N RANGE: 15W TRACT 1200	$146.09 2023
6033 R0015610	21348035	HAGEMEISTER ENTERPRISES LLC	SECTION: 3 TOWNSHIP: 22N RANGE: 15W TRACT 1200	$238.54 2023
6034 R0015611	21348036	HAGEMEISTER ENTERPRISES LLC	SECTION: 3 TOWNSHIP: 22N RANGE: 15W TRACT 1200	$238.61 2023
6035 R0015612	21348065	KOVERMAN GLENN	VALLE VISTA #2 TR 1200 LOT 1443 SEC 3 & 10 22N 15W	$308.64 2023 & PRIOR
6036 R0015613	21348112	ORAVA VICKI J	VALLE VISTA #2 TR 1200 LOT 1448 SEC 3 & 10 22N 15W	$1,602.38 2023
6037 R0015614	21348148	HOUGH JOHN K	TOWNSHIP: 22N RANGE: 15W VALLE VISTA #2 TR 1200	$58.10 2023
6038 R0015615	21348176	ROBERTS JAKE N	SECTION: 3 TOWNSHIP: 22N RANGE: 15W VALLE VISTA UNIT 2 POR	$58.10 2023
6039 R0015616	21348219	DOERKSEN CLIFFORD C & SUSAN JT	VALLE VISTA #2 TR 1200 LOT 1506 SEC 3 & 10 22N 15W	$406.48 2023 & PRIOR
6040 R0015617	21348235	VBJ INVESTMENTS LLC	VALLE VISTA #2 TR 1200 LOT 1508 SEC 3 & 10 22N 15W	$58.00 2023
6041 R0015618	21348237	BUKOWSKI BRUNO	VALLE VISTA #2 TR 1200 LOT 1518 SEC 3 & 10 22N 15W	$68.80 2023
6042 R0015619	21348377	SMITH DANIEL W & REBECCA M	VALLE VISTA #2 TR 1200 LOT 1584 SEC 3 & 10 22N 15W	$326.99 2023 & PRIOR
6043 R0015620	21348415	AVERY JEFFERY & MELINDA CPWRS	VALLE VISTA #2 TR 1200 LOT 1598 SEC 3 & 10 22N 15W	$1,270.33 2023
6044 R0015621	21348455	VBJ INVESTMENTS LLC	VALLE VISTA #2 TR 1200 LOT 1713 SEC 3 & 10 22N 15W	$58.10 2023
6045 R0015622	21348466	VBJ INVESTMENTS LLC	VALLE VISTA #2 TR 1200 LOT 1722 SEC 3 & 10 22N 15W	$58.10 2023
6046 R0015623	21348474	EQUANISH HANS PETER & SABINA CPWRS	VALLE VISTA #2 TR 1200 LOT 1728 SEC 3 & 10 22N 15W	$58.10 2023
6047 R0015624	21348443	RANEY WILLIAM R	TOWNSHIP: 22N RANGE: 15W VALLE VISTA #2 TR 1200	$1,317.28 2023
6048 R0015625	21348453	BARBER INVESTMENT GROUP LLC	VALLE VISTA #2 TR 1200 LOT 1831 SEC 3 & 10 22N 15W	$67.99 2023
6049 R0015626	21348503	BEARDEN HARLICH H	VALLE VISTA #2 TR 1200 LOT 1867 SEC 3 & 10 22N 15W	$47.01 2023
6050 R0015627	21348506	WILSON GARY & MICHELE	SECTION: 3 TOWNSHIP: 22N RANGE: 15W TRACT 1200 VALLE VIST	$228.94 2023
6051 R0015628	21349136	OAKLEY JOHN B & JUDITH C JT	SECTION: 3 TOWNSHIP: 22N RANGE: 15W TRACT 1200 VALLE VIST	$133.59 2023
6052 R0015629	21349139	NORTON GLEN C	SECTION: 3 TOWNSHIP: 22N RANGE: 15W TRACT 1200 VALLE VIST	$1,481.67 2023
6053 R0015630	21349148	LOI KEVIN	SECTION: 3 TOWNSHIP: 22N RANGE: 15W TRACT 1200 VALLE VIST	$108.92 2023 & PRIOR
6054 R0015631	21349151	BROWN ERICKA	SECTION: 3 TOWNSHIP: 22N RANGE: 15W TRACT 1200 VALLE VIST	$50.76 2023
6055 R0015632	21349157	LOI KEVIN	SECTION: 3 TOWNSHIP: 22N RANGE: 15W TRACT 1200 VALLE VIST	$67.99 2023
6056 R0015633	21349174	VBJ INVESTMENTS LLC	SECTION: 3 TOWNSHIP: 22N RANGE: 15W TRACT 1200 VALLE VIST	$58.10 2023
6057 R0015634	21349184	VBJ INVESTMENTS LLC	SECTION: 3 TOWNSHIP: 22N RANGE: 15W TRACT 1200 VALLE VIST	$58.10 2023
6058 R0015635	21349188	BRYD KERRY & KENNY C	SECTION: 3 TOWNSHIP: 22N RANGE: 15W TRACT 1200 VALLE VIST	$31.24 2023
6059 R0015636	21349217	THOMAS & THOMAS INVESTMENTS LLC	SECTION: 3 TOWNSHIP: 22N RANGE: 15W TRACT 1200 VALLE VIST	$2,231.31 2023 & PRIOR
6060 R0015637	21349234	KELLER BELINDA K	SECTION: 3 TOWNSHIP: 22N RANGE: 15W TRACT 1200 VALLE VIST	$67.99 2023
6061 R0015638	21349269	EQUANISH HANS PETER & SABINA CPWRS	SECTION: 3 TOWNSHIP: 22N RANGE: 15W TRACT 1200 VALLE VIST	$58.10 2023
6062 R0015639	21349270	EQUANISH HANS PETER & SABINA CPWRS	SECTION: 3 TOWNSHIP: 22N RANGE: 15W TRACT 1200 VALLE VIST	$58.10 2023
6063 R0015640	21349280	EQUANISH HANS PETER & SABINA CPWRS	SECTION: 3 TOWNSHIP: 22N RANGE: 15W TRACT 1200 VALLE VIST	$67.99 2023
6064 R0015641	21349281	EQUANISH HANS PETER & SABINA CPWRS	SECTION: 3 TOWNSHIP: 22N RANGE: 15W TRACT 1200 VALLE VIST	$67.99 2023
6065 R0015642	21349284	EQUANISH HANS PETER & SABINA CPWRS	SECTION: 3 TOWNSHIP: 22N RANGE: 15W TRACT 1200 VALLE VIST	$67.99 2023
6066 R0015643	21349285	CONNER BRENT	SECTION: 3 TOWNSHIP: 22N RANGE: 15W TRACT 1200 VALLE VIST	$67.99 2023
6067 R0015644	21349286	ORAN GAIL A	SECTION: 3 TOWNSHIP: 22N RANGE: 15W TRACT 1200 VALLE VIST	$58.10 2023
6068 R0015645	21349288	THURSTROM DON	SECTION: 3 TOWNSHIP: 22N RANGE: 15W TRACT 1200 VALLE VIST	$58.10 2023
6069 R0015646	21349441	HELLEMA ROBERT S	SECTION: 3 TOWNSHIP: 22N RANGE: 15W TRACT 1200 VALLE VIST	$74.10 2023
6070 R0015647	21349488	EQUANISH HANS PETER & SABINA CPWRS	SECTION: 3 TOWNSHIP: 22N RANGE: 15W TRACT 1200 VALLE VIST	$66.80 2023
6071 R0015648	21349543	MARANGAKIS JOHN G & HAND LISA M	TOWNSHIP: 22N RANGE: 15W TRACT 1200 VALLE VIST	$121.65 2023
6072 R0015649	21349538	WC HOLDINGS LLC	TOWNSHIP: 22N RANGE: 15W TRACT 1200 VALLE VIST	$67.99 2023
6073 R0015650	21349574	RYAN JAMES J & JULIA A	TOWNSHIP: 22N RANGE: 15W TRACT 1200 VALLE VIST	$58.10 2023
6074 R0015651	21349694	NUNN ELDON H	TOWNSHIP: 22N RANGE: 15W TRACT 1200 VALLE VIST	$58.10 2023
6075 R0015652	21349636	SERNA ORLANDO & MARIA E ETAL JT	TOWNSHIP: 22N RANGE: 15W TRACT 1200 VALLE VIST	$58.10 2023
6076 R0015653	21350001	STEFANAKOW ELIAS & ARLENE	SECTION: 23 TOWNSHIP: 22N RANGE: 16W PARCEL PLA	$313.02 2023
6077 R0015654	21357020	KORANAKIS NICK ANA	PEACOCK MOUNTAIN RANCH UNIT ONE PARCEL PLAT SEC 1	$381.50 2023
6078 R0015655	21357061	MILLER GARY J & CYNTHIA A TRUSTEES	PEACOCK MOUNTAIN RANCH UNIT ONE PARCEL PLAT SEC 8	$143.56 2023
6079 R0015656	21357074	PATE RONALD S & LONELLI	PEACOCK MOUNTAIN RANCH UNIT ONE PARCEL PLAT SEC 9	$204.20 2023
6080 R0015657	21358030	CAMPOS CAROLINA A	PEACOCK MOUNTAIN RANCH 2 SEC 18 22N 15W RANCH 13	$306.04 2023
6081 R0015658	21360060	GROVER SHARON	SECTION: 20 TOWNSHIP: 22N RANGE: 15W PEACOCK MO	$135.75 2023
6082 R0015659	21361350	FRANCIS NORMAN A	SECTION: 13 TOWNSHIP: 22N RANGE: 14W MUSIC MOUNT	$215.99 2023
6083 R0015660	21361380	MILLER MARK JT 50	SECTION: 13 TOWNSHIP: 22N RANGE: 14W MUSIC MOUN	$218.54 2023
6084 R0015661	21361150	GALLEGOS HARRY D	SECTION: 13 TOWNSHIP: 22N RANGE: 14W T22N R14W	$146.64 2023
6085 R0015662	21361244	RODRIGUEZ JOHNNY A	SECTION: 13 TOWNSHIP: 22N RANGE: 14W MUSIC MOUN	$220.94 2023
6086 R0015663	21361245	RODRIGUEZ JOHNNY A	SECTION: 13 TOWNSHIP: 22N RANGE: 14W MUSIC MOUN	$120.13 2023
6087 R0015664	21361270	CAMP LAND INVESTMENTS LLC	SECTION: 20 TOWNSHIP: 22N RANGE: 14W T22N R14W	$116.36 2023
6088 R0015665	21370404	MC KEON ROONEY J SR	SECTION: 19 TOWNSHIP: 22N RANGE: 14W SPRING VAL	$184.23 2023
6089 R0015666	21370081	NAVAS LLC	SECTION: 19 TOWNSHIP: 22N RANGE: 14W T22N R14W	$226.65 2023 & PRIOR
6090 R0015667	21370081	DEMARIA BRIAN & CHERI	SECTION: 1 TOWNSHIP: 22N RANGE: 14W PARCEL 52 S	$334.86 2023
6091 R0015668	21370206	BROCKER INVESTMENTS LLC	SECTION: 1 TOWNSHIP: 22N RANGE: 14W PARCEL 13	$120.01 2023 & PRIOR
6092 R0015669	21370206	CANTERO RICO & MENDY JT	SECTION: 11 TOWNSHIP: 22N RANGE: 14W PARCEL 13	$201.61 2023 & PRIOR
6093 R0015670	21370202	BROCKER INVESTMENTS LLC	SECTION: 12 TOWNSHIP: 22N RANGE: 14W SECTION 13	$208.73 2023 & PRIOR
6094 R0015671	21380440	GROVER SHARON	SECTION: 20 TOWNSHIP: 22N RANGE: 15W PARCEL 10	$221.14 2023
6095 R0015672	21380468	GROVER SHARON	SECTION: 20 TOWNSHIP: 22N RANGE: 15W PARCEL 10	$221.14 2023
6096 R0015673	21380516	RASHID JAMAL	SECTION: 1 TOWNSHIP: 22N RANGE: 15W LAND PARCEL	$47.82 2023
6097 R0015674	21380258	CYPERT CHARLES E & MARY E CPWRS	SECTION: 1 TOWNSHIP: 22N RANGE: 15W LAND PARCEL	$47.82 2023
6098 R0015675	21380240	GANZ LISA	SECTION: 1 TOWNSHIP: 22N RANGE: 15W LAND PARCEL	$47.82 2023
6099 R0015676	21380241	GANZ LISA	SECTION: 1 TOWNSHIP: 22N RANGE: 15W LAND PARCEL	$47.82 2023
6100 R0015677	21380242	GANZ LISA	SECTION: 1 TOWNSHIP: 22N RANGE: 15W LAND PARCEL	$47.82 2023
6101 R0015678	21380269	DRAIN NOLA M	SECTION: 1 TOWNSHIP: 22N RANGE: 15W LAND PARCEL	$47.82 2023
6102 R0015679	21380270	WALTERS JOHN E JR ETAL	SECTION: 1 TOWNSHIP: 22N RANGE: 15W LAND PARCEL	$47.82 2023
6103 R0015680	21380290	GANZ LISA	SECTION: 1 TOWNSHIP: 22N RANGE: 15W LAND PARCEL	$47.82 2023
6104 R0015681	21380501	JESSICA VALENTINE LLC	NE4 NE4 SEC 17 22 13 ADAC	$141.72 2023
6105 R0015682	21380502	JESSICA VALENTINE LLC	NW4 NE4 SE NW4 SW4 NE4 SE4 SEC 17 22 13 24OA	$313.68 2023
6106 R0015683	21380503	JESSICA VALENTINE LLC	NE4 NE4 SEC 17 22 13 40AC	$141.72 2023
6107 R0015684	21380504	JESSICA VALENTINE LLC	NW4 NW4 SEC 17 22 13 40AC	$141.72 2023
6108 R0015685	21380505	JESSICA VALENTINE LLC	SW4 NW4 SEC 17 22 13 40AC	$141.72 2023
6109 R0015686	21380506	JESSICA VALENTINE LLC	SE4 NW4 SEC 17 22 13 40AC	$141.72 2023
6110 R0015687	21380507	JESSICA VALENTINE LLC	SW4 SE4 SEC 17 22 13 AC	$141.72 2023
6111 R0015688	21410200	NEAL RON & TRUSTEE	SECTION: 11 TOWNSHIP: 21N RANGE: 14W PARCELA PE	$98.87 2023
6112 R0015689	21410282	ROCKATE RUBEN	PT W2 SEC 21 T22N R13W DESC: BEG AT NW COR SEC 21	$1,861.11 2023
6113 R0015690	21410450	BNSF RAILWAY COMPANY	SECTION: 19 TOWNSHIP: 22N RANGE: 13W T22N R13W	$283.56 2023 & PRIOR
6114 R0015691	21410451	BNSF RAILWAY COMPANY	SECTION: 19 TOWNSHIP: 22N RANGE: 13W T22N R13W	$263.92 2023 & PRIOR
6115 R0015692	21410452	TURNER ROCKY L	SECTION: 7 TOWNSHIP: 22N RANGE: 13W BRIDGE CANY	$12.51 2023 & PRIOR
6116 R0015693	21410534	SHEPPARD KENNY & BLANCA JT	SECTION: 7 TOWNSHIP: 22N RANGE: 13W BRIDGE CANY	$40.65 2023 & PRIOR
6117 R0015694	21410536	DELANEY HANK & STACY JT	SECTION: 7 TOWNSHIP: 22N RANGE: 13W BRIDGE CANY	$628.95 2023 & PRIOR
6118 R0015695	21410537	DELANEY HANK & STACY JT	SECTION: 7 TOWNSHIP: 22N RANGE: 13W BRIDGE CANY	$1,068.96 2023 & PRIOR
6119 R0015696	21410670	MILLER GEORGE L ESTATE OF	SECTION: 7 TOWNSHIP: 22N RANGE: 13W BRIDGE CANY	$229.54 2023 & PRIOR
6120 R0015697	21410671	ANDERSON JEFFREY K	SECTION: 7 TOWNSHIP: 22N RANGE: 13W BRIDGE CANY	$834.25 2023 & PRIOR
6121 R0015698	21410672	ANDERSON JEFFREY K	SECTION: 7 TOWNSHIP: 22N RANGE: 13W BRIDGE CANY	$834.25 2023 & PRIOR
6122 R0015699	21410800	SHEPPARD MARY L JT TC	SECTION: 7 TOWNSHIP: 22N RANGE: 13W BRIDGE CANY	$422.23 2023 & PRIOR
6123 R0015700	21410802	ANDERSON JEFFREY K	SECTION: 7 TOWNSHIP: 22N RANGE: 13W BRIDGE CANY	$834.25 2023 & PRIOR
6124 R0015701	21410803	MITCHAM ERIC & CRYSTAL CPWRS	SECTION: 7 TOWNSHIP: 22N RANGE: 13W BRIDGE CANY	$1,260.75 2023 & PRIOR
6125 R0015702	21410806	MITCHAM ERIC & CRYSTAL CPWRS	SECTION: 7 TOWNSHIP: 22N RANGE: 13W BRIDGE CANY	$1,133.58 2023 & PRIOR
6126 R0015703	21410807	ANDERSON JEFFREY K	SECTION: 7 TOWNSHIP: 22N RANGE: 13W BRIDGE CANY	$834.25 2023 & PRIOR
6127 R0015704	21410808	ANDERSON JEFFREY K	SECTION: 7 TOWNSHIP: 22N RANGE: 13W BRIDGE CANY	$834.25 2023 & PRIOR
6128 R0015705	21410825	GALLAGHER CHARLES MICHAEL	SECTION: 7 TOWNSHIP: 22N RANGE: 13W BRIDGE CANY	$1,073.97 2023 & PRIOR
6129 R0015706	21410826	GALLAGHER CHARLES MICHAEL	SECTION: 7 TOWNSHIP: 22N RANGE: 13W PATCH ESTAT	$628.79 2023 & PRIOR
6130 R0015707	21410840	TOLBARD SHAUNNAH	SECTION: 1 TOWNSHIP: 22N RANGE: 13W SEC 1 BRIDG S	$138.01 2023 & PRIOR
6131 R0015708	21410905	BAKER EDNA R JT ETAL	BEG AT NE COR SEC 31 N 0 BDEG 53MIN 45SEC W 10	$155.47 2023 & PRIOR
6132 R0015709	21420211	DAVISONS JANINE W	SECTION: 5 TOWNSHIP: 22N RANGE: 12W BRIDGE CANY	$102.54 2023
6133 R0015710	21420227	ESQUERRA LESVIAH	SECTION: 5 TOWNSHIP: 22N RANGE: 12W BRIDGE CANY	$123.63 2023 & PRIOR
6134 R0015711	21420228	CHURCH BAPTISM CONVENTION	SECTION: 5 TOWNSHIP: 22N RANGE: 12W BRIDGE CANY	$241.02 2023 & PRIOR
6135 R0015712	21420238	DAVIS ROBERT A	SECTION: 5 TOWNSHIP: 22N RANGE: 12W BRIDGE CANY	$175.55 2023 & PRIOR
6136 R0015713	21420239	VAUGHN WALTER C	SECTION: 5 TOWNSHIP: 22N RANGE: 12W BRIDGE CANY	$136.40 2023 & PRIOR
6137 R0015714	21420240	WILLIAMS FRANK R & MARGARET T JT	SECTION: 5 TOWNSHIP: 22N RANGE: 12W BRIDGE CANY	$130.77 2023 & PRIOR
6138 R0015715	21420241	JUX REAL ESTATE INVESTMENT CORP	SECTION: 5 TOWNSHIP: 22N RANGE: 12W BRIDGE CANY	$222.12 2023 & PRIOR
6139 R0015716	21420253	HENDERSON BRUCE LEROY	SECTION: 5 TOWNSHIP: 22N RANGE: 12W BRIDGE CANY	$191.68 2023 & PRIOR
6140 R0015717	21420260	ARMSTRONG SYLVIA	SECTION: 6 TOWNSHIP: 22N RANGE: 12W TRACT 1102	$41.23 2023
6141 R0015718	21420261	ARMSTRONG SYLVIA	SECTION: 6 TOWNSHIP: 22N RANGE: 12W TRACT 1102	$41.23 2023
6142 R0015719	21420263	ARMSTRONG SYLVIA	SECTION: 6 TOWNSHIP: 22N RANGE: 12W TRACT 1102	$41.23 2023
6143 R0015720	21420264	SANTANA PAULA	RECORD OF SURVEY RECORDED IN BK 1 PG 60 RE TUSSOCK	$222.78 2023 & PRIOR
6144 R0015721	21420270	DONOHUE PAUL L & JOANN JT	SECTION: 12 TOWNSHIP: 22N RANGE: 12W GOLDEN EAG	$184.84 2023 & PRIOR
6145 R0015722	21420290	WHIPPERMAN SANDI	SECTION: 12 TOWNSHIP: 22N RANGE: 12W GOLDEN EAG	$204.95 2023 & PRIOR
6146 R0015723	21420291	ENGLEBRECHT MICHAEL & CYNTHIA D/T	SECTION: 31 TOWNSHIP: 22N RANGE: 12W GREENVIEW	$101.97 2023
6147 R0015724	21420292	ENGLEBRECHT MICHAEL & CYNTHIA D/T	SECTION: 31 TOWNSHIP: 22N RANGE: 12W GREENVIEW	$204.19 2023
6148 R0015725	21420293	ENGLEBRECHT MICHAEL & CYNTHIA D/T	SECTION: 31 TOWNSHIP: 22N RANGE: 12W GREENVIEW	$204.19 2023
6149 R0015726	21420294	ENGLEBRECHT MICHAEL & CYNTHIA D/T	SECTION: 31 TOWNSHIP: 22N RANGE: 12W GREENVIEW	$204.19 2023
6150 R0015727	21440054	ANDERSON JOHN W & PHYLLIS J	SECTION: 1 TOWNSHIP: 22N RANGE: 14W SEC 1 T22N	$159.47 2023
6151 R0015728	21440055	ANDERSON JOHN W & PHYLLIS J	SECTION: 1 TOWNSHIP: 22N RANGE: 14W SEC 1 T22N	$159.47 2023
6152 R0015729	21440056	KRAUSE PAUL	SECTION: 11 TOWNSHIP: 22N RANGE: 14W NE4 SW4	$1,106.23 2023
6153 R0015730	21440057	KRAUSE PAUL	SECTION: 11 TOWNSHIP: 22N RANGE: 14W SEC 11 T22	$1,106.23 2023
6154 R0015731	21440058	HITCHCOCK DEBORAH	SECTION: 1 TOWNSHIP: 22N RANGE: 14W T22N R14W	$2,226.91 2023 & PRIOR
6155 R0015732	21440059	KRAUSE PAUL	SECTION: 1 TOWNSHIP: 22N RANGE: 14W T22N R14W	$3,228.07 2023 & PRIOR
6156 R0015733	21440060	CASTANEDA MAURICIO & ALMA JT	SECTION: 1 TOWNSHIP: 22N RANGE: 14W T22N R14W	$193.58 2023
6157 R0015734	21440061	GRAND FINALE LLC	SECTION: 1 TOWNSHIP: 22N RANGE: 14W T22N R14W	$193.58 2023
6158 R0015735	21440062	GRAND FINALE LLC	SECTION: 1 TOWNSHIP: 22N RANGE: 14W T22N R14W	$193.58 2023
6159 R0015736	21440063	CAMPOS JUSTIN L	SECTION: 1 TOWNSHIP: 22N RANGE: 14W T22N R14W	$193.58 2023
6160 R0015737	21440064	SWALLOW ROAD FAMILY LIMITED PARTNERSHIP	SECTION: 1 TOWNSHIP: 22N RANGE: 14W T22N R14W	$193.58 2023
6161 R0015738	21440065	STEELE MARGUERITE STEELE TRUST	SECTION: 1 TOWNSHIP: 22N RANGE: 14W T22N R14W	$408.49 2023 & PRIOR
6162 R0015739	21440066	JAMISON KELLIE	SECTION: 1 TOWNSHIP: 22N RANGE: 14W T22N R14W	$239.67 2023 & PRIOR
6163 R0015740	21440067	DIAZ CARLOS R A	SECTION: 1 TOWNSHIP: 22N RANGE: 14W T22N R14W	$193.58 2023
6164 R0015741	21440068	RUSSO SALVATORE	SECTION: 1 TOWNSHIP: 22N RANGE: 14W T22N R14W	$198.10 2023 & PRIOR
6165 R0015742	21440069	GRAND FINALE TRUST AUG 11 2023	SECTION: 1 TOWNSHIP: 22N RANGE: 14W T22N R14W	$193.58 2023
6166 R0015743	21440070	ROACH JAMES E & JOAN A JT	SECTION: 1 TOWNSHIP: 22N RANGE: 14W T22N R14W	$193.58 2023
6167 R0015744	21440071	DIAZ CARLOS R A	SECTION: 1 TOWNSHIP: 22N RANGE: 14W T22N R14W	$193.58 2023
6168 R0015745	21440072	HUFFMAN PERCY W	SECTION: 1 TOWNSHIP: 22N RANGE: 14W T22N R14W	$193.58 2023
6169 R0015746	21440073	HANSON ROLAND & CAROL JT	SECTION: 1 TOWNSHIP: 22N RANGE: 14W T22N R14W	$193.58 2023
6170 R0015747	21440074	TOLNEY ROBERT F & AGNES V	SECTION: 1 TOWNSHIP: 22N RANGE: 14W T22N R14W	$193.58 2023
6171 R0015748	21440075	SELBY DIEBEL Z	SECTION: 1 TOWNSHIP: 22N RANGE: 14W T22N R14W	$193.58 2023
6172 R0015749	21440076	PADILLA MARINA C & AVALOS ANN R G	SECTION: 1 TOWNSHIP: 22N RANGE: 14W T22N R14W	$193.58 2023
6173 R0015750	21440077	SELBY DIEBEL Z	SECTION: 1 TOWNSHIP: 22N RANGE: 14W T22N R14W	$193.58 2023
6174 R0015751	21440078	PREISER ALBERTA L	SECTION: 1 TOWNSHIP: 22N RANGE: 14W T22N R14W	$193.58 2023
6175 R0015752	21440079	HINOJOS DOMINGUEZ NORMANDO JT	SECTION: 1 TOWNSHIP: 22N RANGE: 14W T22N R14W	$193.58 2023
6176 R0015753	21440080	DE MOLINA DEBORA	SECTION: 1 TOWNSHIP: 22N RANGE: 14W T22N R14W	$193.58 2023
6177 R0015754	21440081	DE MOLINA DEBORA	SECTION: 1 TOWNSHIP: 22N RANGE: 14W T22N R14W	$193.58 2023
